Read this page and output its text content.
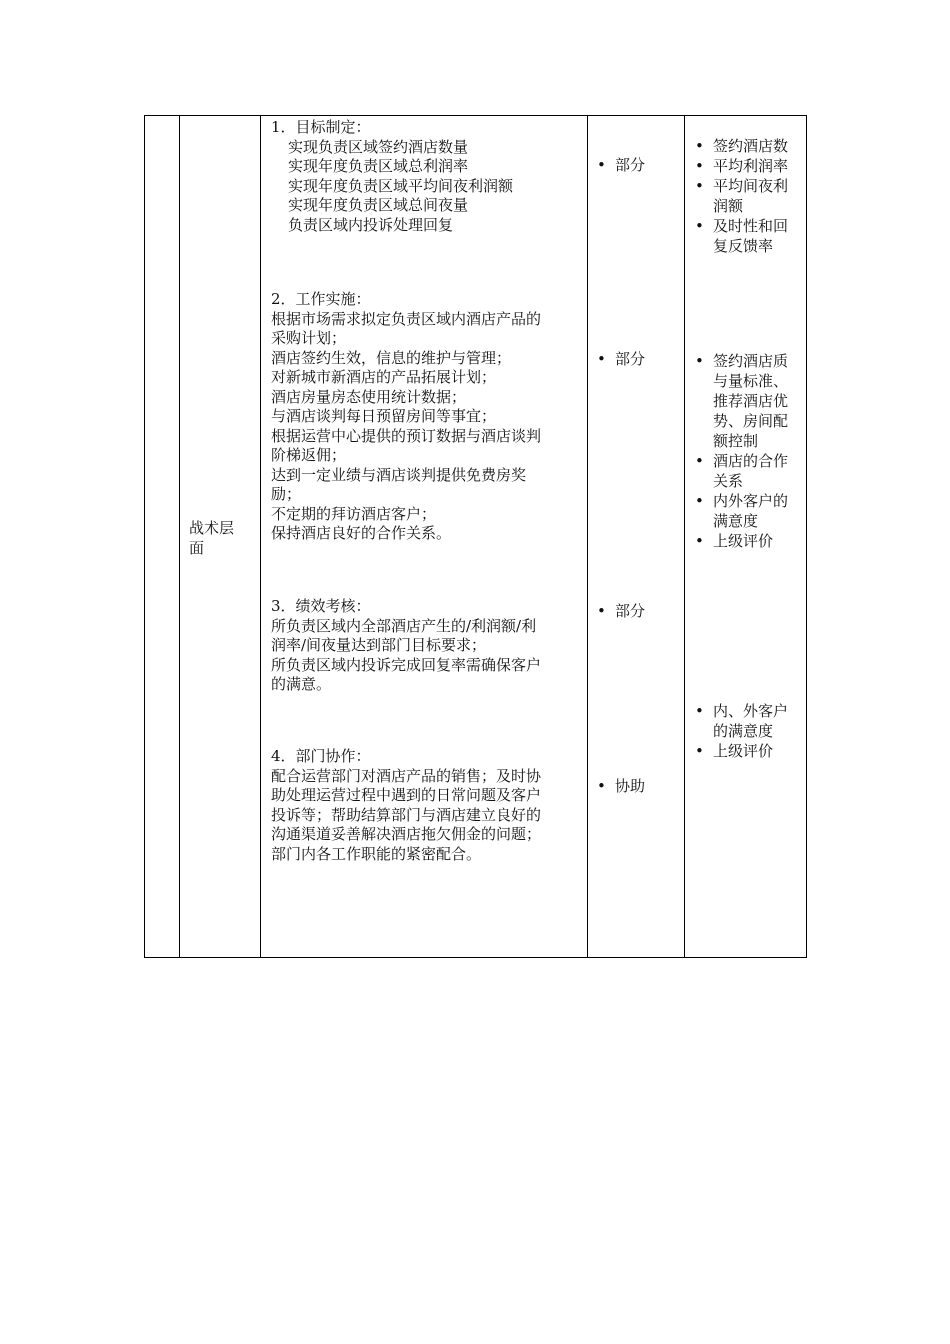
战术层
面
1．目标制定：
实现负责区域签约酒店数量
实现年度负责区域总利润率
实现年度负责区域平均间夜利润额
实现年度负责区域总间夜量
负责区域内投诉处理回复
2．工作实施：
根据市场需求拟定负责区域内酒店产品的
采购计划；
酒店签约生效，信息的维护与管理；
对新城市新酒店的产品拓展计划；
酒店房量房态使用统计数据；
与酒店谈判每日预留房间等事宜；
根据运营中心提供的预订数据与酒店谈判
阶梯返佣；
达到一定业绩与酒店谈判提供免费房奖
励；
不定期的拜访酒店客户；
保持酒店良好的合作关系。
3．绩效考核：
所负责区域内全部酒店产生的/利润额/利
润率/间夜量达到部门目标要求；
所负责区域内投诉完成回复率需确保客户
的满意。
4．部门协作：
配合运营部门对酒店产品的销售；及时协
助处理运营过程中遇到的日常问题及客户
投诉等；帮助结算部门与酒店建立良好的
沟通渠道妥善解决酒店拖欠佣金的问题；
部门内各工作职能的紧密配合。
• 部分
• 部分
• 部分
• 协助
• 签约酒店数
• 平均利润率
• 平均间夜利
润额
• 及时性和回
复反馈率
• 签约酒店质
与量标准、
推荐酒店优
势、房间配
额控制
• 酒店的合作
关系
• 内外客户的
满意度
• 上级评价
• 内、外客户
的满意度
• 上级评价
